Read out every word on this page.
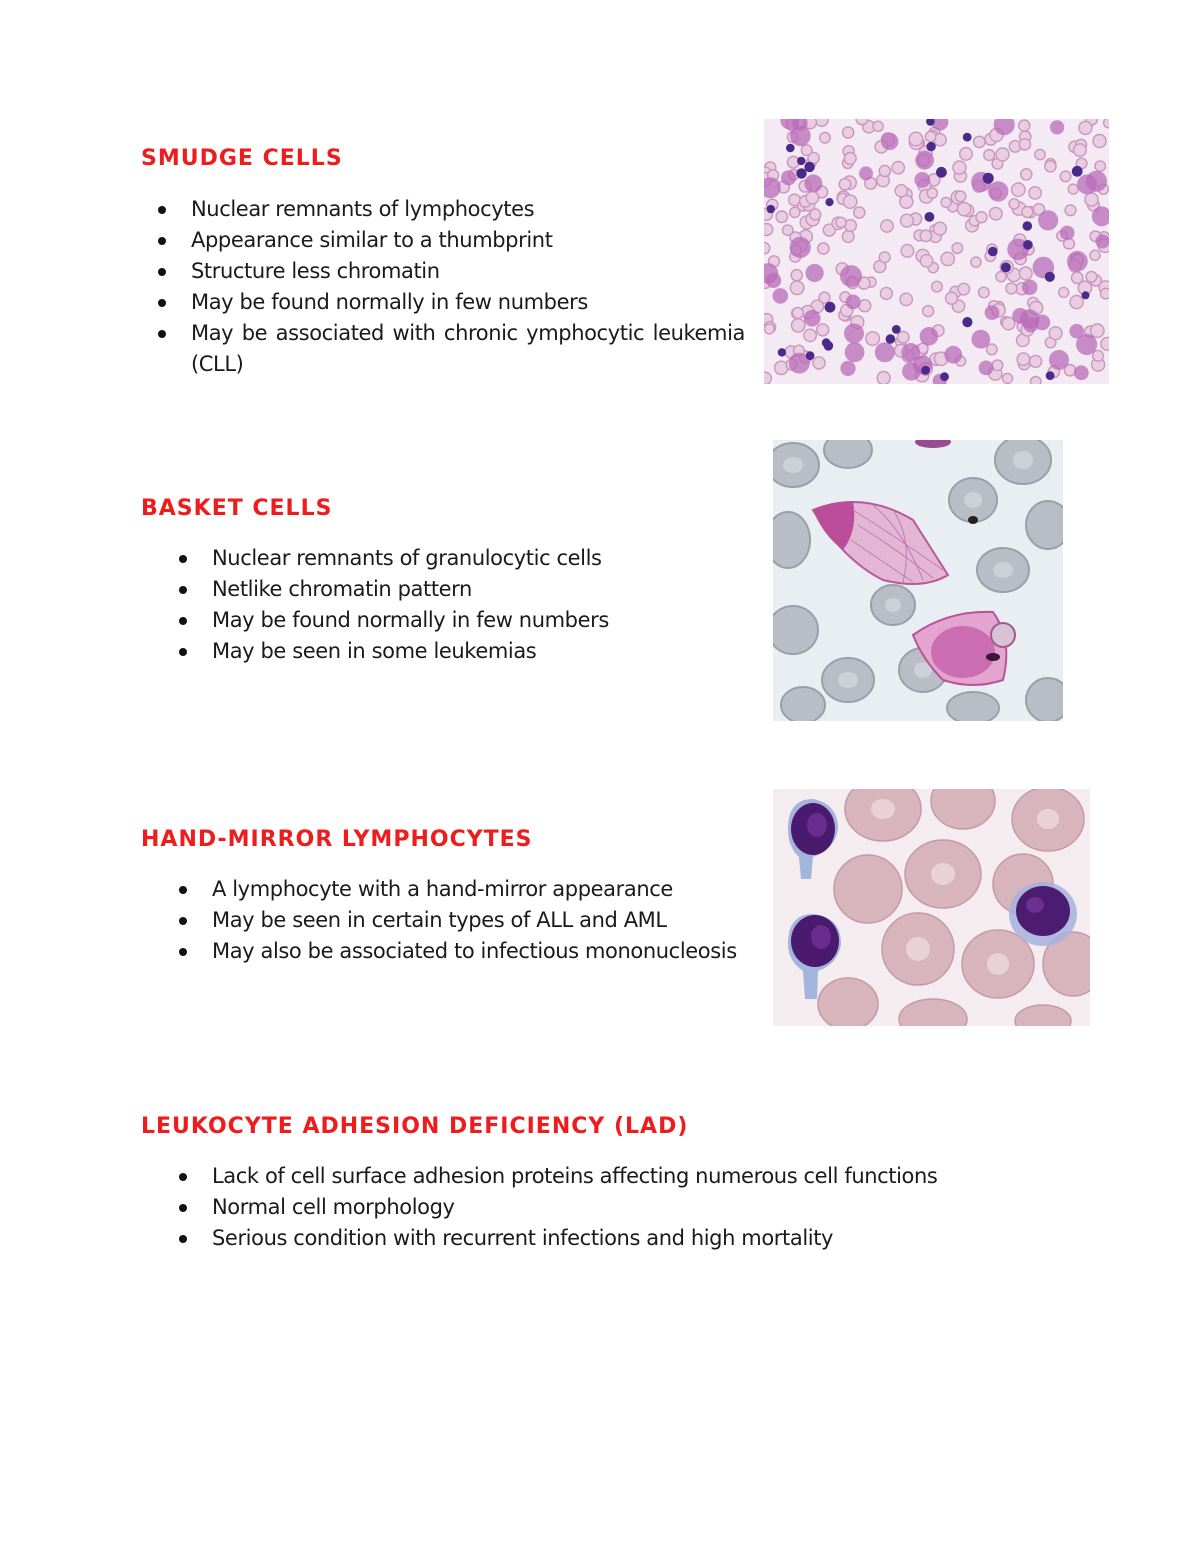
SMUDGE CELLS
Nuclear remnants of lymphocytes
Appearance similar to a thumbprint
Structure less chromatin
May be found normally in few numbers
May be associated with chronic ymphocytic leukemia (CLL)
BASKET CELLS
Nuclear remnants of granulocytic cells
Netlike chromatin pattern
May be found normally in few numbers
May be seen in some leukemias
HAND-MIRROR LYMPHOCYTES
A lymphocyte with a hand-mirror appearance
May be seen in certain types of ALL and AML
May also be associated to infectious mononucleosis
LEUKOCYTE ADHESION DEFICIENCY (LAD)
Lack of cell surface adhesion proteins affecting numerous cell functions
Normal cell morphology
Serious condition with recurrent infections and high mortality
